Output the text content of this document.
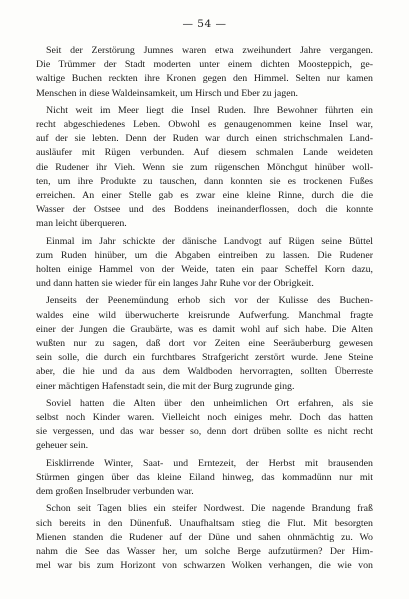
— 54 —
Seit der Zerstörung Jumnes waren etwa zweihundert Jahre vergangen.
Die Trümmer der Stadt moderten unter einem dichten Moosteppich, ge-
waltige Buchen reckten ihre Kronen gegen den Himmel. Selten nur kamen
Menschen in diese Waldeinsamkeit, um Hirsch und Eber zu jagen.
Nicht weit im Meer liegt die Insel Ruden. Ihre Bewohner führten ein
recht abgeschiedenes Leben. Obwohl es genaugenommen keine Insel war,
auf der sie lebten. Denn der Ruden war durch einen strichschmalen Land-
ausläufer mit Rügen verbunden. Auf diesem schmalen Lande weideten
die Rudener ihr Vieh. Wenn sie zum rügenschen Mönchgut hinüber woll-
ten, um ihre Produkte zu tauschen, dann konnten sie es trockenen Fußes
erreichen. An einer Stelle gab es zwar eine kleine Rinne, durch die die
Wasser der Ostsee und des Boddens ineinanderflossen, doch die konnte
man leicht überqueren.
Einmal im Jahr schickte der dänische Landvogt auf Rügen seine Büttel
zum Ruden hinüber, um die Abgaben eintreiben zu lassen. Die Rudener
holten einige Hammel von der Weide, taten ein paar Scheffel Korn dazu,
und dann hatten sie wieder für ein langes Jahr Ruhe vor der Obrigkeit.
Jenseits der Peenemündung erhob sich vor der Kulisse des Buchen-
waldes eine wild überwucherte kreisrunde Aufwerfung. Manchmal fragte
einer der Jungen die Graubärte, was es damit wohl auf sich habe. Die Alten
wußten nur zu sagen, daß dort vor Zeiten eine Seeräuberburg gewesen
sein solle, die durch ein furchtbares Strafgericht zerstört wurde. Jene Steine
aber, die hie und da aus dem Waldboden hervorragten, sollten Überreste
einer mächtigen Hafenstadt sein, die mit der Burg zugrunde ging.
Soviel hatten die Alten über den unheimlichen Ort erfahren, als sie
selbst noch Kinder waren. Vielleicht noch einiges mehr. Doch das hatten
sie vergessen, und das war besser so, denn dort drüben sollte es nicht recht
geheuer sein.
Eisklirrende Winter, Saat- und Erntezeit, der Herbst mit brausenden
Stürmen gingen über das kleine Eiland hinweg, das kommadünn nur mit
dem großen Inselbruder verbunden war.
Schon seit Tagen blies ein steifer Nordwest. Die nagende Brandung fraß
sich bereits in den Dünenfuß. Unaufhaltsam stieg die Flut. Mit besorgten
Mienen standen die Rudener auf der Düne und sahen ohnmächtig zu. Wo
nahm die See das Wasser her, um solche Berge aufzutürmen? Der Him-
mel war bis zum Horizont von schwarzen Wolken verhangen, die wie von
